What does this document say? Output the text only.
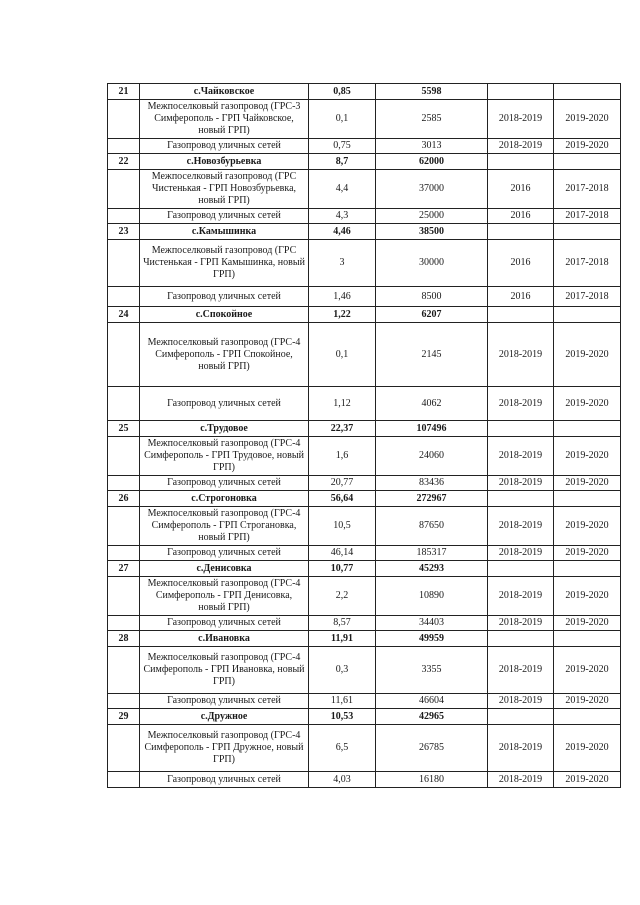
21	с.Чайковское	0,85	5598		
	Межпоселковый газопровод (ГРС-3 Симферополь - ГРП Чайковское, новый ГРП)	0,1	2585	2018-2019	2019-2020
	Газопровод уличных сетей	0,75	3013	2018-2019	2019-2020
22	с.Новозбурьевка	8,7	62000		
	Межпоселковый газопровод (ГРС Чистенькая - ГРП Новозбурьевка, новый ГРП)	4,4	37000	2016	2017-2018
	Газопровод уличных сетей	4,3	25000	2016	2017-2018
23	с.Камышинка	4,46	38500		
	Межпоселковый газопровод (ГРС Чистенькая - ГРП Камышинка, новый ГРП)	3	30000	2016	2017-2018
	Газопровод уличных сетей	1,46	8500	2016	2017-2018
24	с.Спокойное	1,22	6207		
	Межпоселковый газопровод (ГРС-4 Симферополь - ГРП Спокойное, новый ГРП)	0,1	2145	2018-2019	2019-2020
	Газопровод уличных сетей	1,12	4062	2018-2019	2019-2020
25	с.Трудовое	22,37	107496		
	Межпоселковый газопровод (ГРС-4 Симферополь - ГРП Трудовое, новый ГРП)	1,6	24060	2018-2019	2019-2020
	Газопровод уличных сетей	20,77	83436	2018-2019	2019-2020
26	с.Строгоновка	56,64	272967		
	Межпоселковый газопровод (ГРС-4 Симферополь - ГРП Строгановка, новый ГРП)	10,5	87650	2018-2019	2019-2020
	Газопровод уличных сетей	46,14	185317	2018-2019	2019-2020
27	с.Денисовка	10,77	45293		
	Межпоселковый газопровод (ГРС-4 Симферополь - ГРП Денисовка, новый ГРП)	2,2	10890	2018-2019	2019-2020
	Газопровод уличных сетей	8,57	34403	2018-2019	2019-2020
28	с.Ивановка	11,91	49959		
	Межпоселковый газопровод (ГРС-4 Симферополь - ГРП Ивановка, новый ГРП)	0,3	3355	2018-2019	2019-2020
	Газопровод уличных сетей	11,61	46604	2018-2019	2019-2020
29	с.Дружное	10,53	42965		
	Межпоселковый газопровод (ГРС-4 Симферополь - ГРП Дружное, новый ГРП)	6,5	26785	2018-2019	2019-2020
	Газопровод уличных сетей	4,03	16180	2018-2019	2019-2020
